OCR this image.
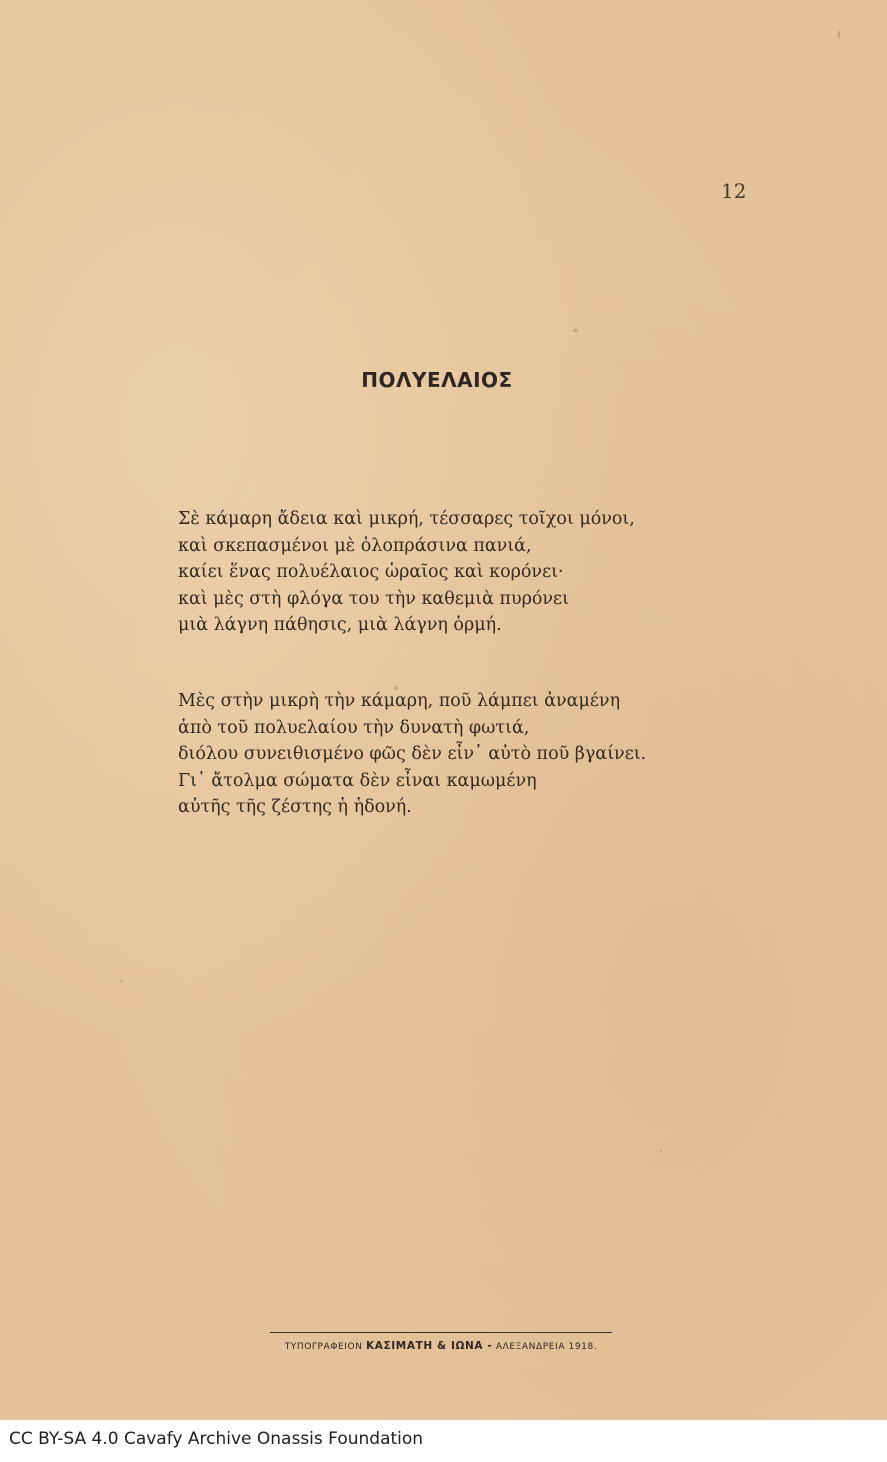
12
ΠΟΛΥΕΛΑΙΟΣ
Σὲ κάμαρη ἄδεια καὶ μικρή, τέσσαρες τοῖχοι μόνοι,
καὶ σκεπασμένοι μὲ ὁλοπράσινα πανιά,
καίει ἕνας πολυέλαιος ὡραῖος καὶ κορόνει·
καὶ μὲς στὴ φλόγα του τὴν καθεμιὰ πυρόνει
μιὰ λάγνη πάθησις, μιὰ λάγνη ὁρμή.
Μὲς στὴν μικρὴ τὴν κάμαρη, ποῦ λάμπει ἀναμένη
ἀπὸ τοῦ πολυελαίου τὴν δυνατὴ φωτιά,
διόλου συνειθισμένο φῶς δὲν εἶν᾽ αὐτὸ ποῦ βγαίνει.
Γι᾽ ἄτολμα σώματα δὲν εἶναι καμωμένη
αὐτῆς τῆς ζέστης ἡ ἡδονή.
ΤΥΠΟΓΡΑΦΕΙΟΝ ΚΑΣΙΜΑΤΗ & ΙΩΝΑ - ΑΛΕΞΑΝΔΡΕΙΑ 1918.
CC BY-SA 4.0 Cavafy Archive Onassis Foundation
